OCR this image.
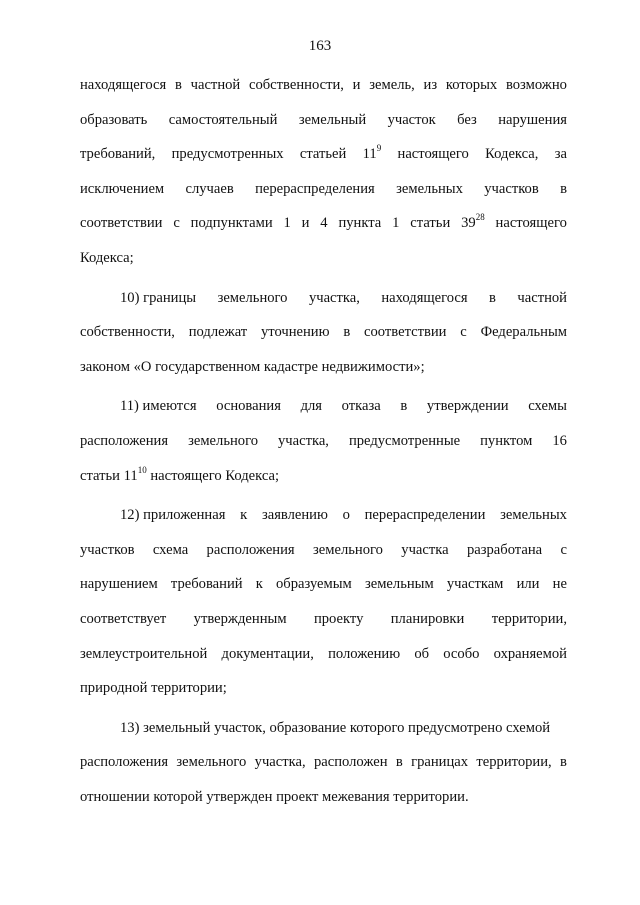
163
находящегося в частной собственности, и земель, из которых возможно
образовать самостоятельный земельный участок без нарушения
требований, предусмотренных статьей $11^9$ настоящего Кодекса, за
исключением случаев перераспределения земельных участков в
соответствии с подпунктами 1 и 4 пункта 1 статьи $39^{28}$ настоящего
Кодекса;
10) границы земельного участка, находящегося в частной
собственности, подлежат уточнению в соответствии с Федеральным
законом «О государственном кадастре недвижимости»;
11) имеются основания для отказа в утверждении схемы
расположения земельного участка, предусмотренные пунктом 16
статьи $11^{10}$ настоящего Кодекса;
12) приложенная к заявлению о перераспределении земельных
участков схема расположения земельного участка разработана с
нарушением требований к образуемым земельным участкам или не
соответствует утвержденным проекту планировки территории,
землеустроительной документации, положению об особо охраняемой
природной территории;
13) земельный участок, образование которого предусмотрено схемой
расположения земельного участка, расположен в границах территории, в
отношении которой утвержден проект межевания территории.
